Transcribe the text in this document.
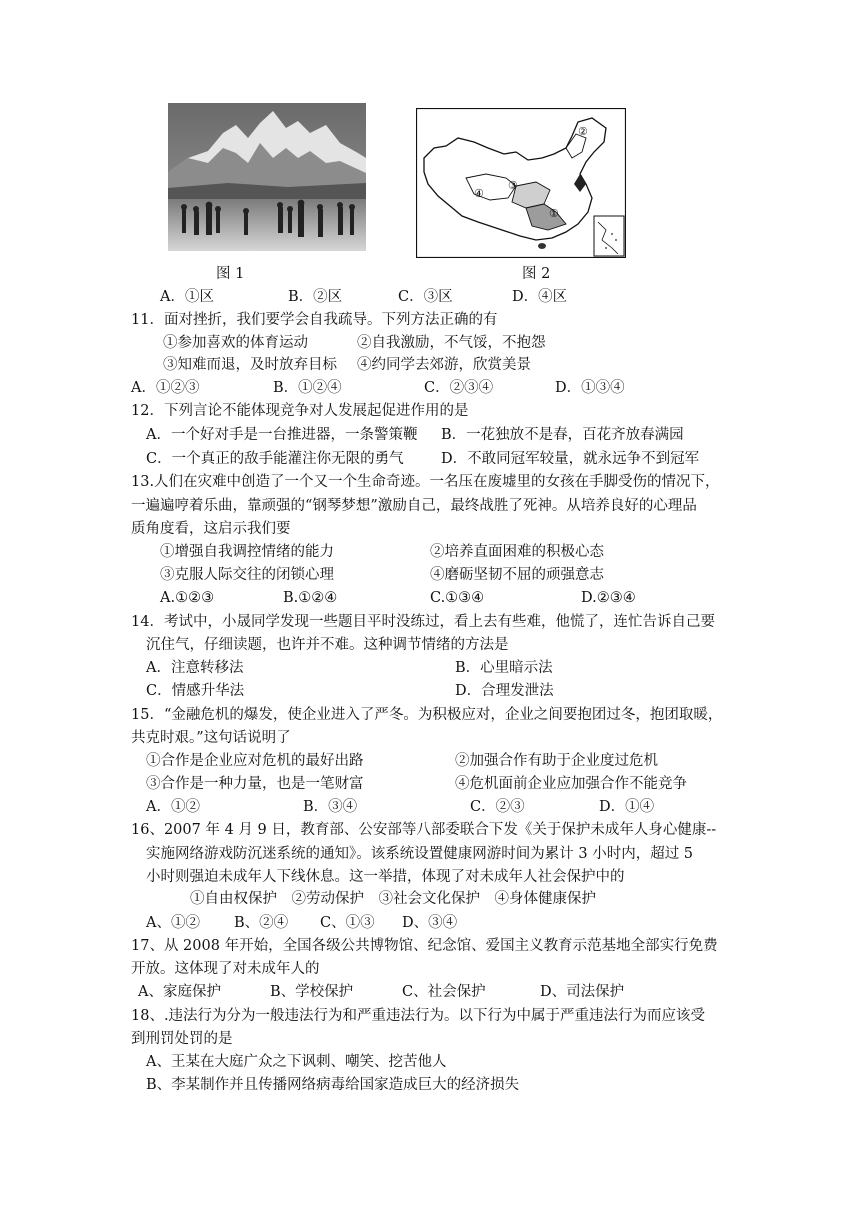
图 1
①
②
③
④
图 2
A．①区	B．②区	C．③区	D．④区
11．面对挫折，我们要学会自我疏导。下列方法正确的有
①参加喜欢的体育运动	②自我激励，不气馁，不抱怨
③知难而退，及时放弃目标 ④约同学去郊游，欣赏美景
A．①②③	B．①②④	C．②③④	D．①③④
12．下列言论不能体现竞争对人发展起促进作用的是
A．一个好对手是一台推进器，一条警策鞭 B．一花独放不是春，百花齐放春满园
C．一个真正的敌手能灌注你无限的勇气	D．不敢同冠军较量，就永远争不到冠军
13.人们在灾难中创造了一个又一个生命奇迹。一名压在废墟里的女孩在手脚受伤的情况下，
一遍遍哼着乐曲，靠顽强的“钢琴梦想”激励自己，最终战胜了死神。从培养良好的心理品
质角度看，这启示我们要
①增强自我调控情绪的能力	②培养直面困难的积极心态
③克服人际交往的闭锁心理	④磨砺坚韧不屈的顽强意志
A.①②③	B.①②④	C.①③④	D.②③④
14．考试中，小晟同学发现一些题目平时没练过，看上去有些难，他慌了，连忙告诉自己要
沉住气，仔细读题，也许并不难。这种调节情绪的方法是
A．注意转移法	B．心里暗示法
C．情感升华法	D．合理发泄法
15．“金融危机的爆发，使企业进入了严冬。为积极应对，企业之间要抱团过冬，抱团取暖，
共克时艰。”这句话说明了
①合作是企业应对危机的最好出路	②加强合作有助于企业度过危机
③合作是一种力量，也是一笔财富	④危机面前企业应加强合作不能竞争
A．①②	B．③④	C．②③	D．①④
16、2007 年 4 月 9 日，教育部、公安部等八部委联合下发《关于保护未成年人身心健康--
实施网络游戏防沉迷系统的通知》。该系统设置健康网游时间为累计 3 小时内，超过 5
小时则强迫未成年人下线休息。这一举措，体现了对未成年人社会保护中的
①自由权保护　②劳动保护　③社会文化保护　④身体健康保护
A、①② B、②④ C、①③ D、③④
17、从 2008 年开始，全国各级公共博物馆、纪念馆、爱国主义教育示范基地全部实行免费
开放。这体现了对未成年人的
A、家庭保护	B、学校保护	C、社会保护	D、司法保护
18、.违法行为分为一般违法行为和严重违法行为。以下行为中属于严重违法行为而应该受
到刑罚处罚的是
A、王某在大庭广众之下讽刺、嘲笑、挖苦他人
B、李某制作并且传播网络病毒给国家造成巨大的经济损失
